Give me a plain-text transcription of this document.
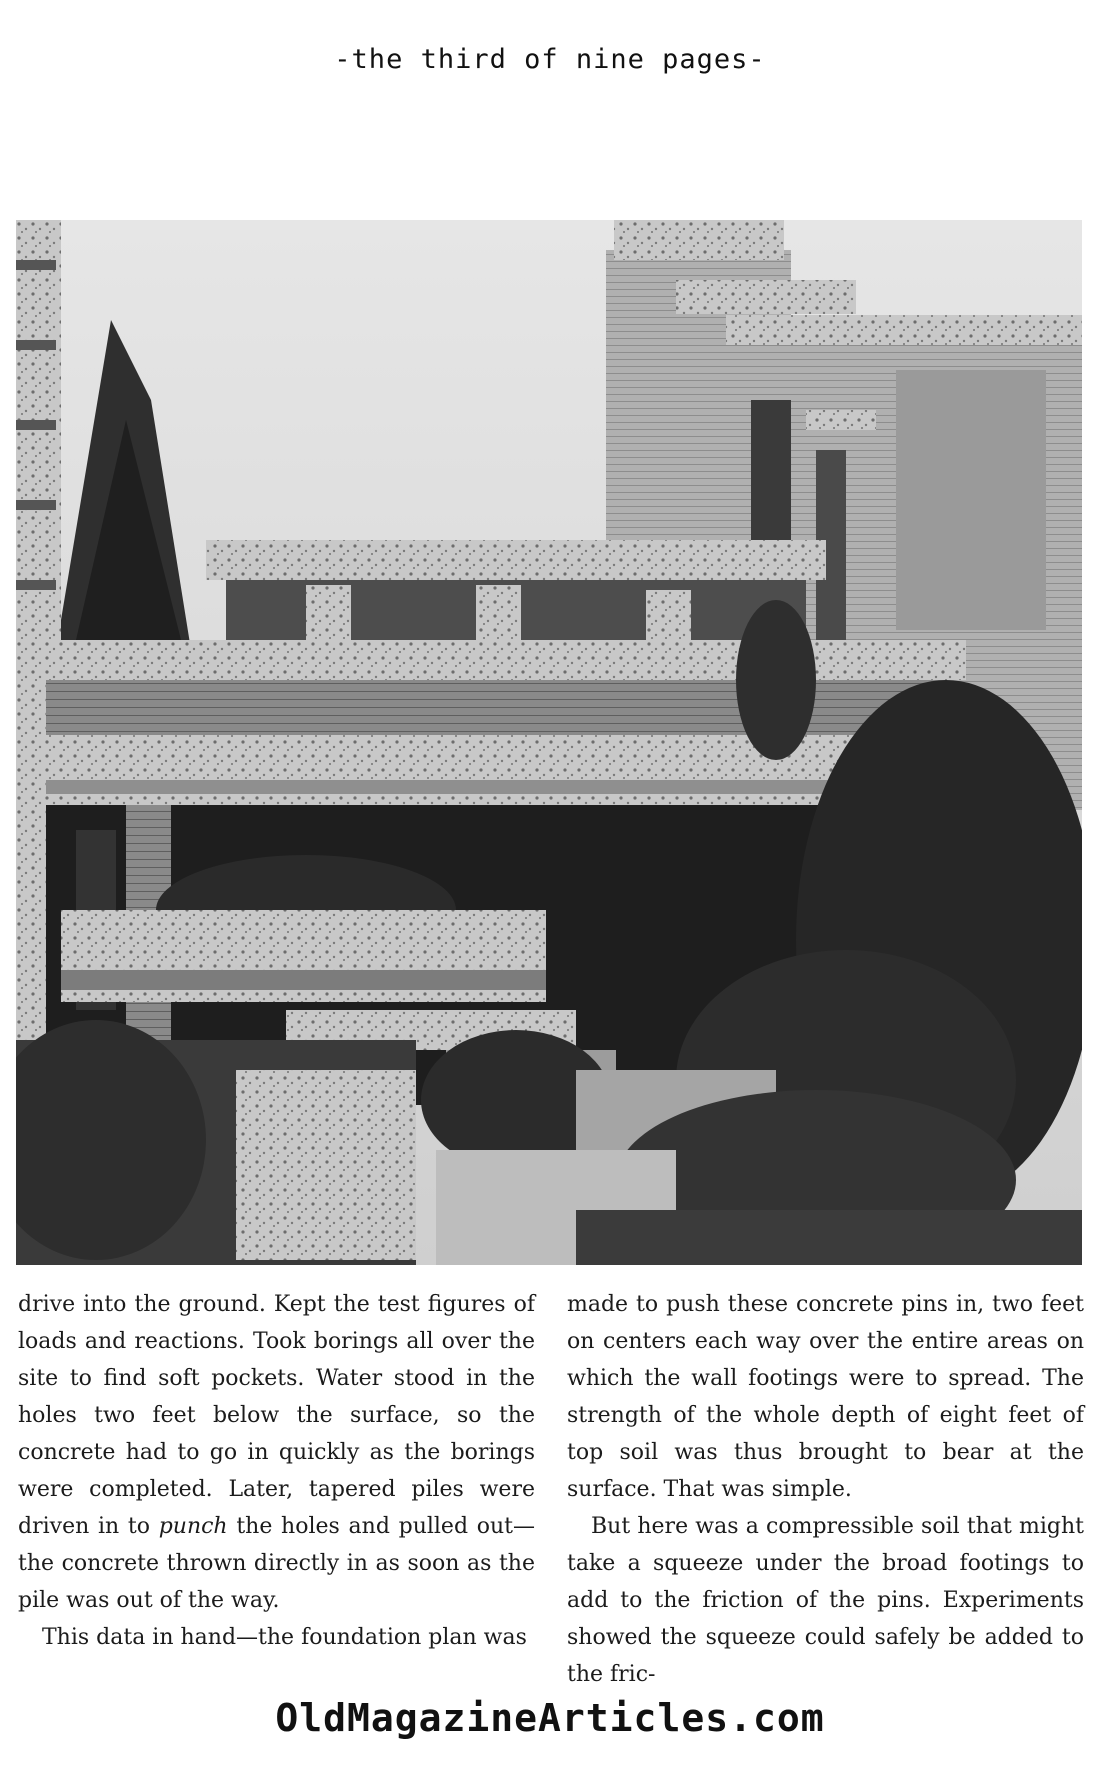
-the third of nine pages-

drive into the ground. Kept the test figures of loads and reactions. Took borings all over the site to find soft pockets. Water stood in the holes two feet below the surface, so the concrete had to go in quickly as the borings were completed. Later, tapered piles were driven in to punch the holes and pulled out—the concrete thrown directly in as soon as the pile was out of the way.

This data in hand—the foundation plan was

made to push these concrete pins in, two feet on centers each way over the entire areas on which the wall footings were to spread. The strength of the whole depth of eight feet of top soil was thus brought to bear at the surface. That was simple.

But here was a compressible soil that might take a squeeze under the broad footings to add to the friction of the pins. Experiments showed the squeeze could safely be added to the fric-

OldMagazineArticles.com
